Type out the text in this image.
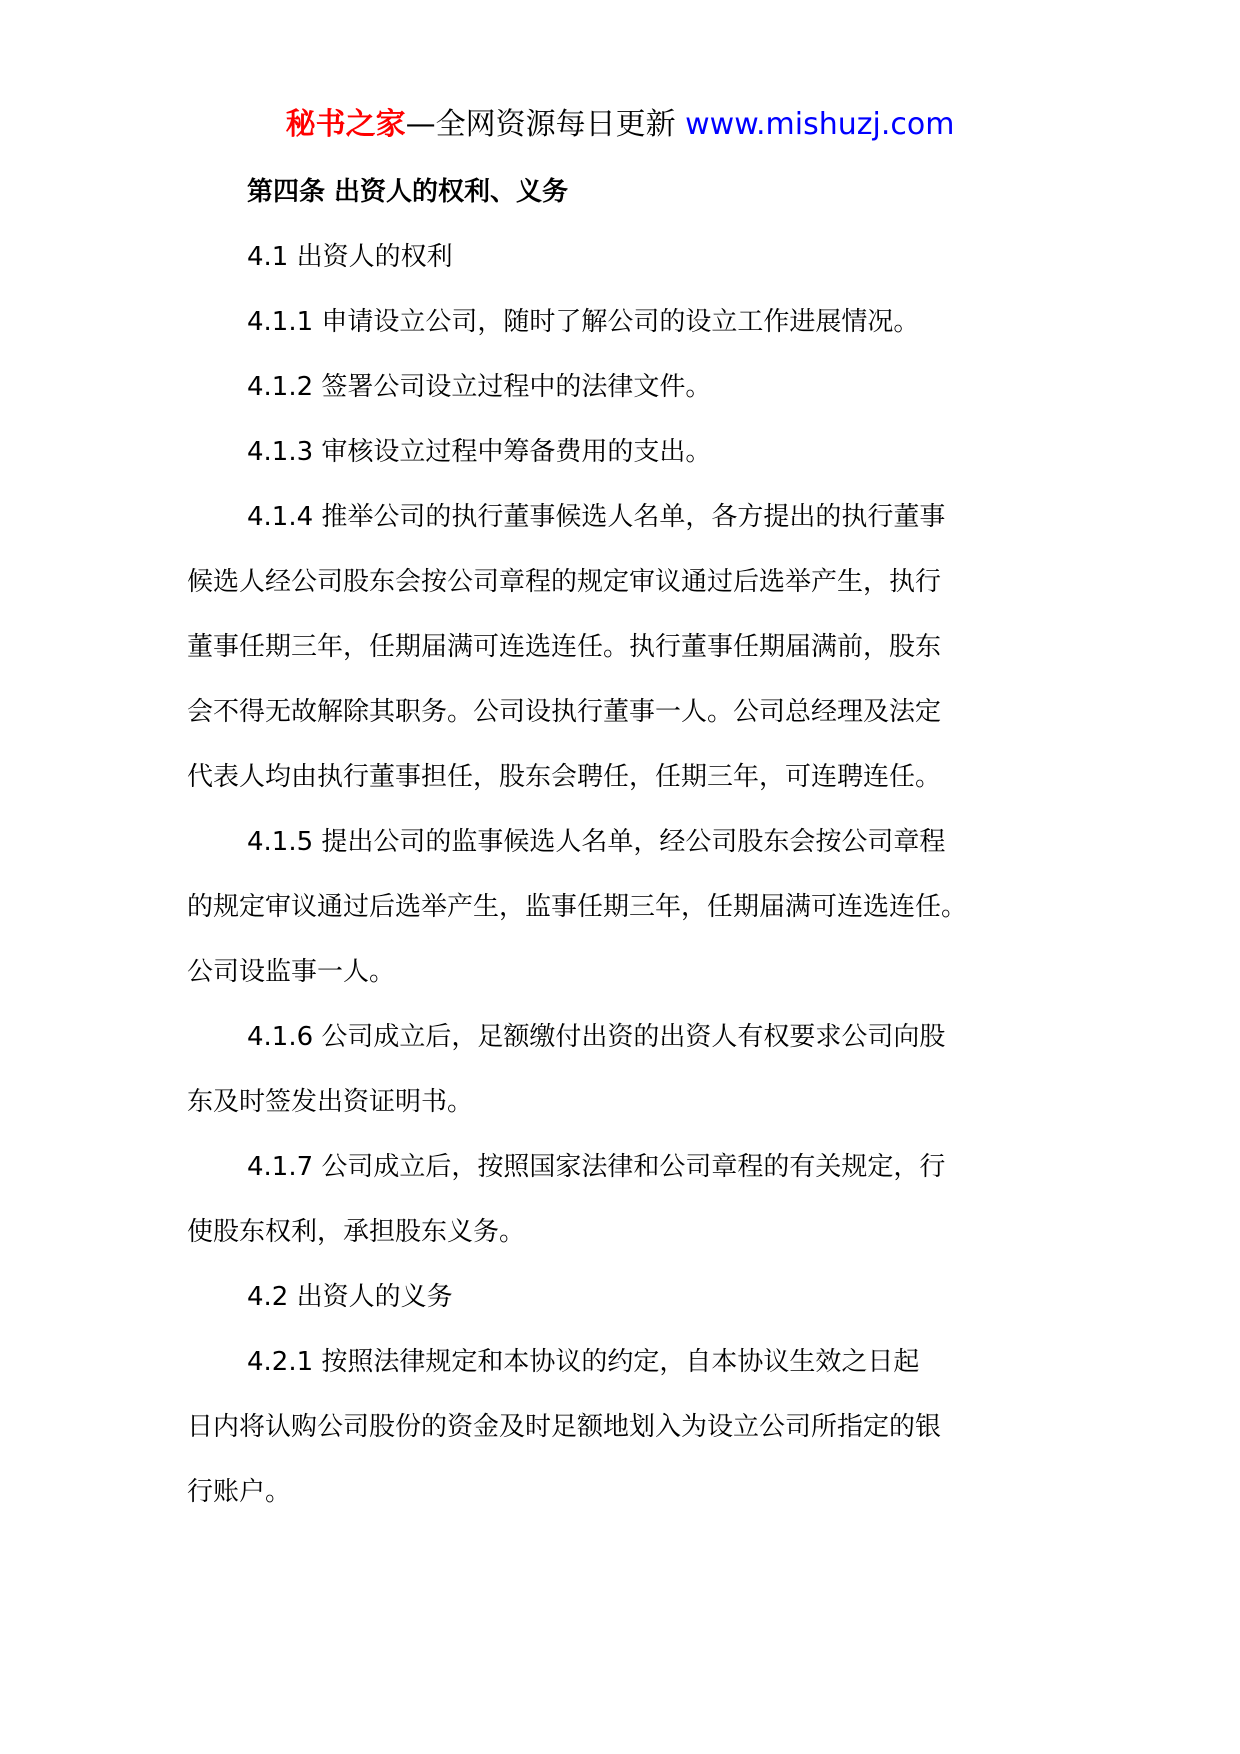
秘书之家—全网资源每日更新 www.mishuzj.com
第四条 出资人的权利、义务
4.1 出资人的权利
4.1.1 申请设立公司，随时了解公司的设立工作进展情况。
4.1.2 签署公司设立过程中的法律文件。
4.1.3 审核设立过程中筹备费用的支出。
4.1.4 推举公司的执行董事候选人名单，各方提出的执行董事
候选人经公司股东会按公司章程的规定审议通过后选举产生，执行
董事任期三年，任期届满可连选连任。执行董事任期届满前，股东
会不得无故解除其职务。公司设执行董事一人。公司总经理及法定
代表人均由执行董事担任，股东会聘任，任期三年，可连聘连任。
4.1.5 提出公司的监事候选人名单，经公司股东会按公司章程
的规定审议通过后选举产生，监事任期三年，任期届满可连选连任。
公司设监事一人。
4.1.6 公司成立后，足额缴付出资的出资人有权要求公司向股
东及时签发出资证明书。
4.1.7 公司成立后，按照国家法律和公司章程的有关规定，行
使股东权利，承担股东义务。
4.2 出资人的义务
4.2.1 按照法律规定和本协议的约定，自本协议生效之日起
日内将认购公司股份的资金及时足额地划入为设立公司所指定的银
行账户。
